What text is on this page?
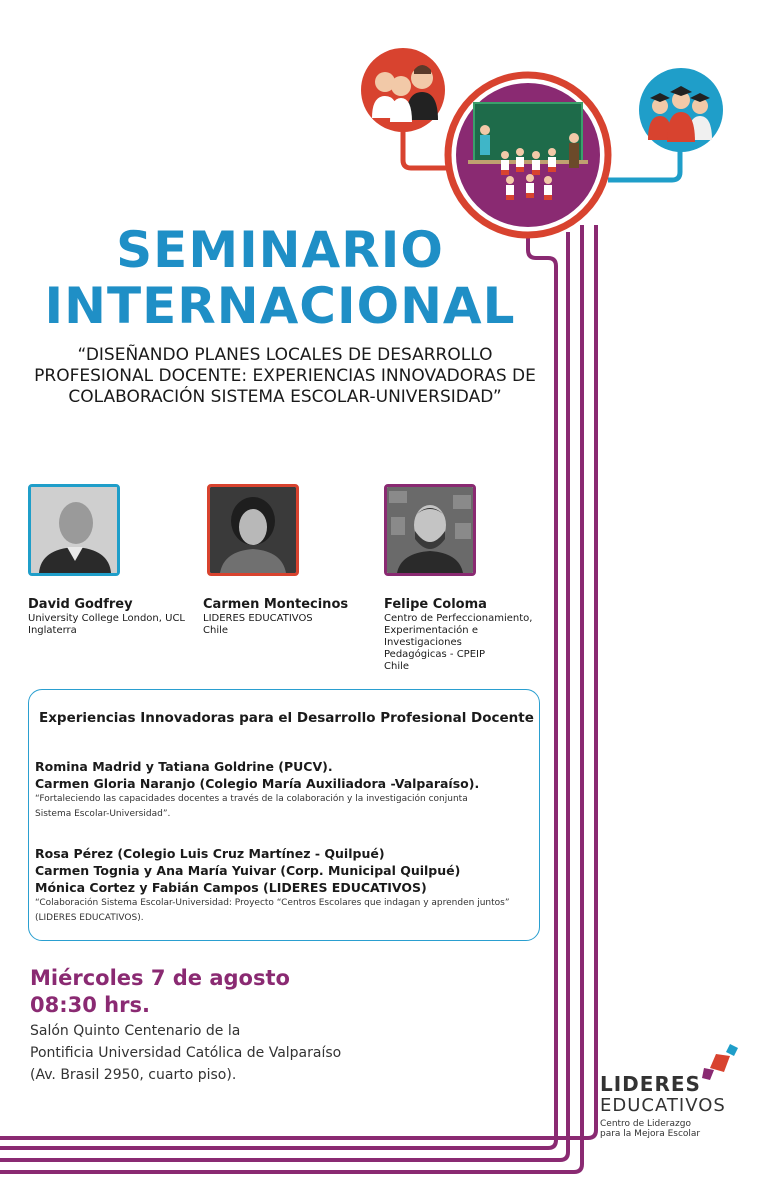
SEMINARIO
INTERNACIONAL
“DISEÑANDO PLANES LOCALES DE DESARROLLO PROFESIONAL DOCENTE: EXPERIENCIAS INNOVADORAS DE COLABORACIÓN SISTEMA ESCOLAR-UNIVERSIDAD”
David Godfrey
University College London, UCL
Inglaterra
Carmen Montecinos
LIDERES EDUCATIVOS
Chile
Felipe Coloma
Centro de Perfeccionamiento,
Experimentación e Investigaciones
Pedagógicas - CPEIP
Chile
Experiencias Innovadoras para el Desarrollo Profesional Docente
Romina Madrid y Tatiana Goldrine (PUCV).
Carmen Gloria Naranjo (Colegio María Auxiliadora -Valparaíso).
“Fortaleciendo las capacidades docentes a través de la colaboración y la investigación conjunta
Sistema Escolar-Universidad”.
Rosa Pérez (Colegio Luis Cruz Martínez - Quilpué)
Carmen Tognia y Ana María Yuivar (Corp. Municipal Quilpué)
Mónica Cortez y Fabián Campos (LIDERES EDUCATIVOS)
“Colaboración Sistema Escolar-Universidad: Proyecto “Centros Escolares que indagan y aprenden juntos”
(LIDERES EDUCATIVOS).
Miércoles 7 de agosto
08:30 hrs.
Salón Quinto Centenario de la
Pontificia Universidad Católica de Valparaíso
(Av. Brasil 2950, cuarto piso).	LIDERES
EDUCATIVOS
Centro de Liderazgo
para la Mejora Escolar
